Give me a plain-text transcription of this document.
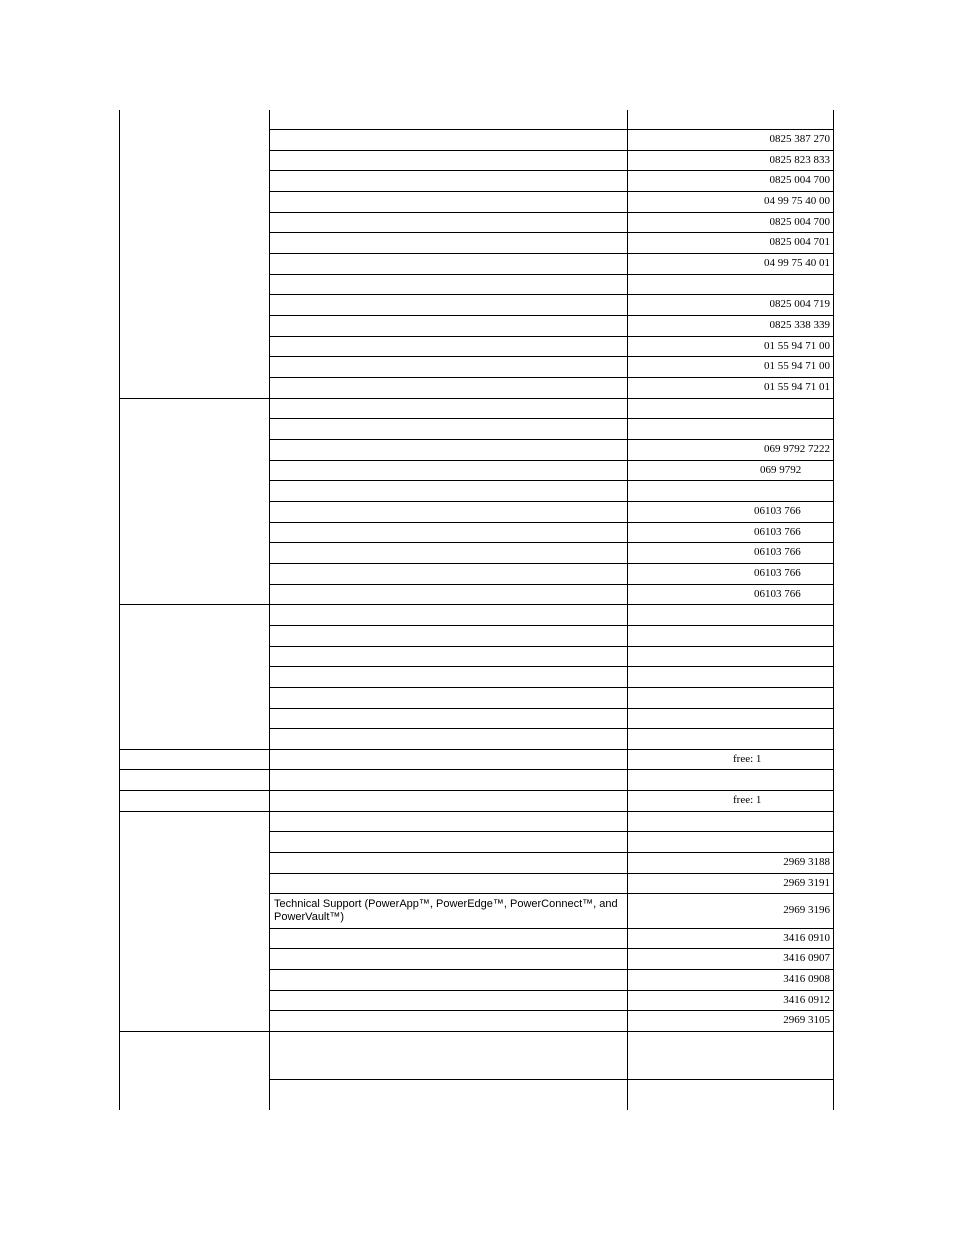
0825 387 270
0825 823 833
0825 004 700
04 99 75 40 00
0825 004 700
0825 004 701
04 99 75 40 01
0825 004 719
0825 338 339
01 55 94 71 00
01 55 94 71 00
01 55 94 71 01
069 9792 7222
069 9792
06103 766
06103 766
06103 766
06103 766
06103 766
free: 1
free: 1
Technical Support (PowerApp™, PowerEdge™, PowerConnect™, and PowerVault™)
2969 3188
2969 3191
2969 3196
3416 0910
3416 0907
3416 0908
3416 0912
2969 3105
